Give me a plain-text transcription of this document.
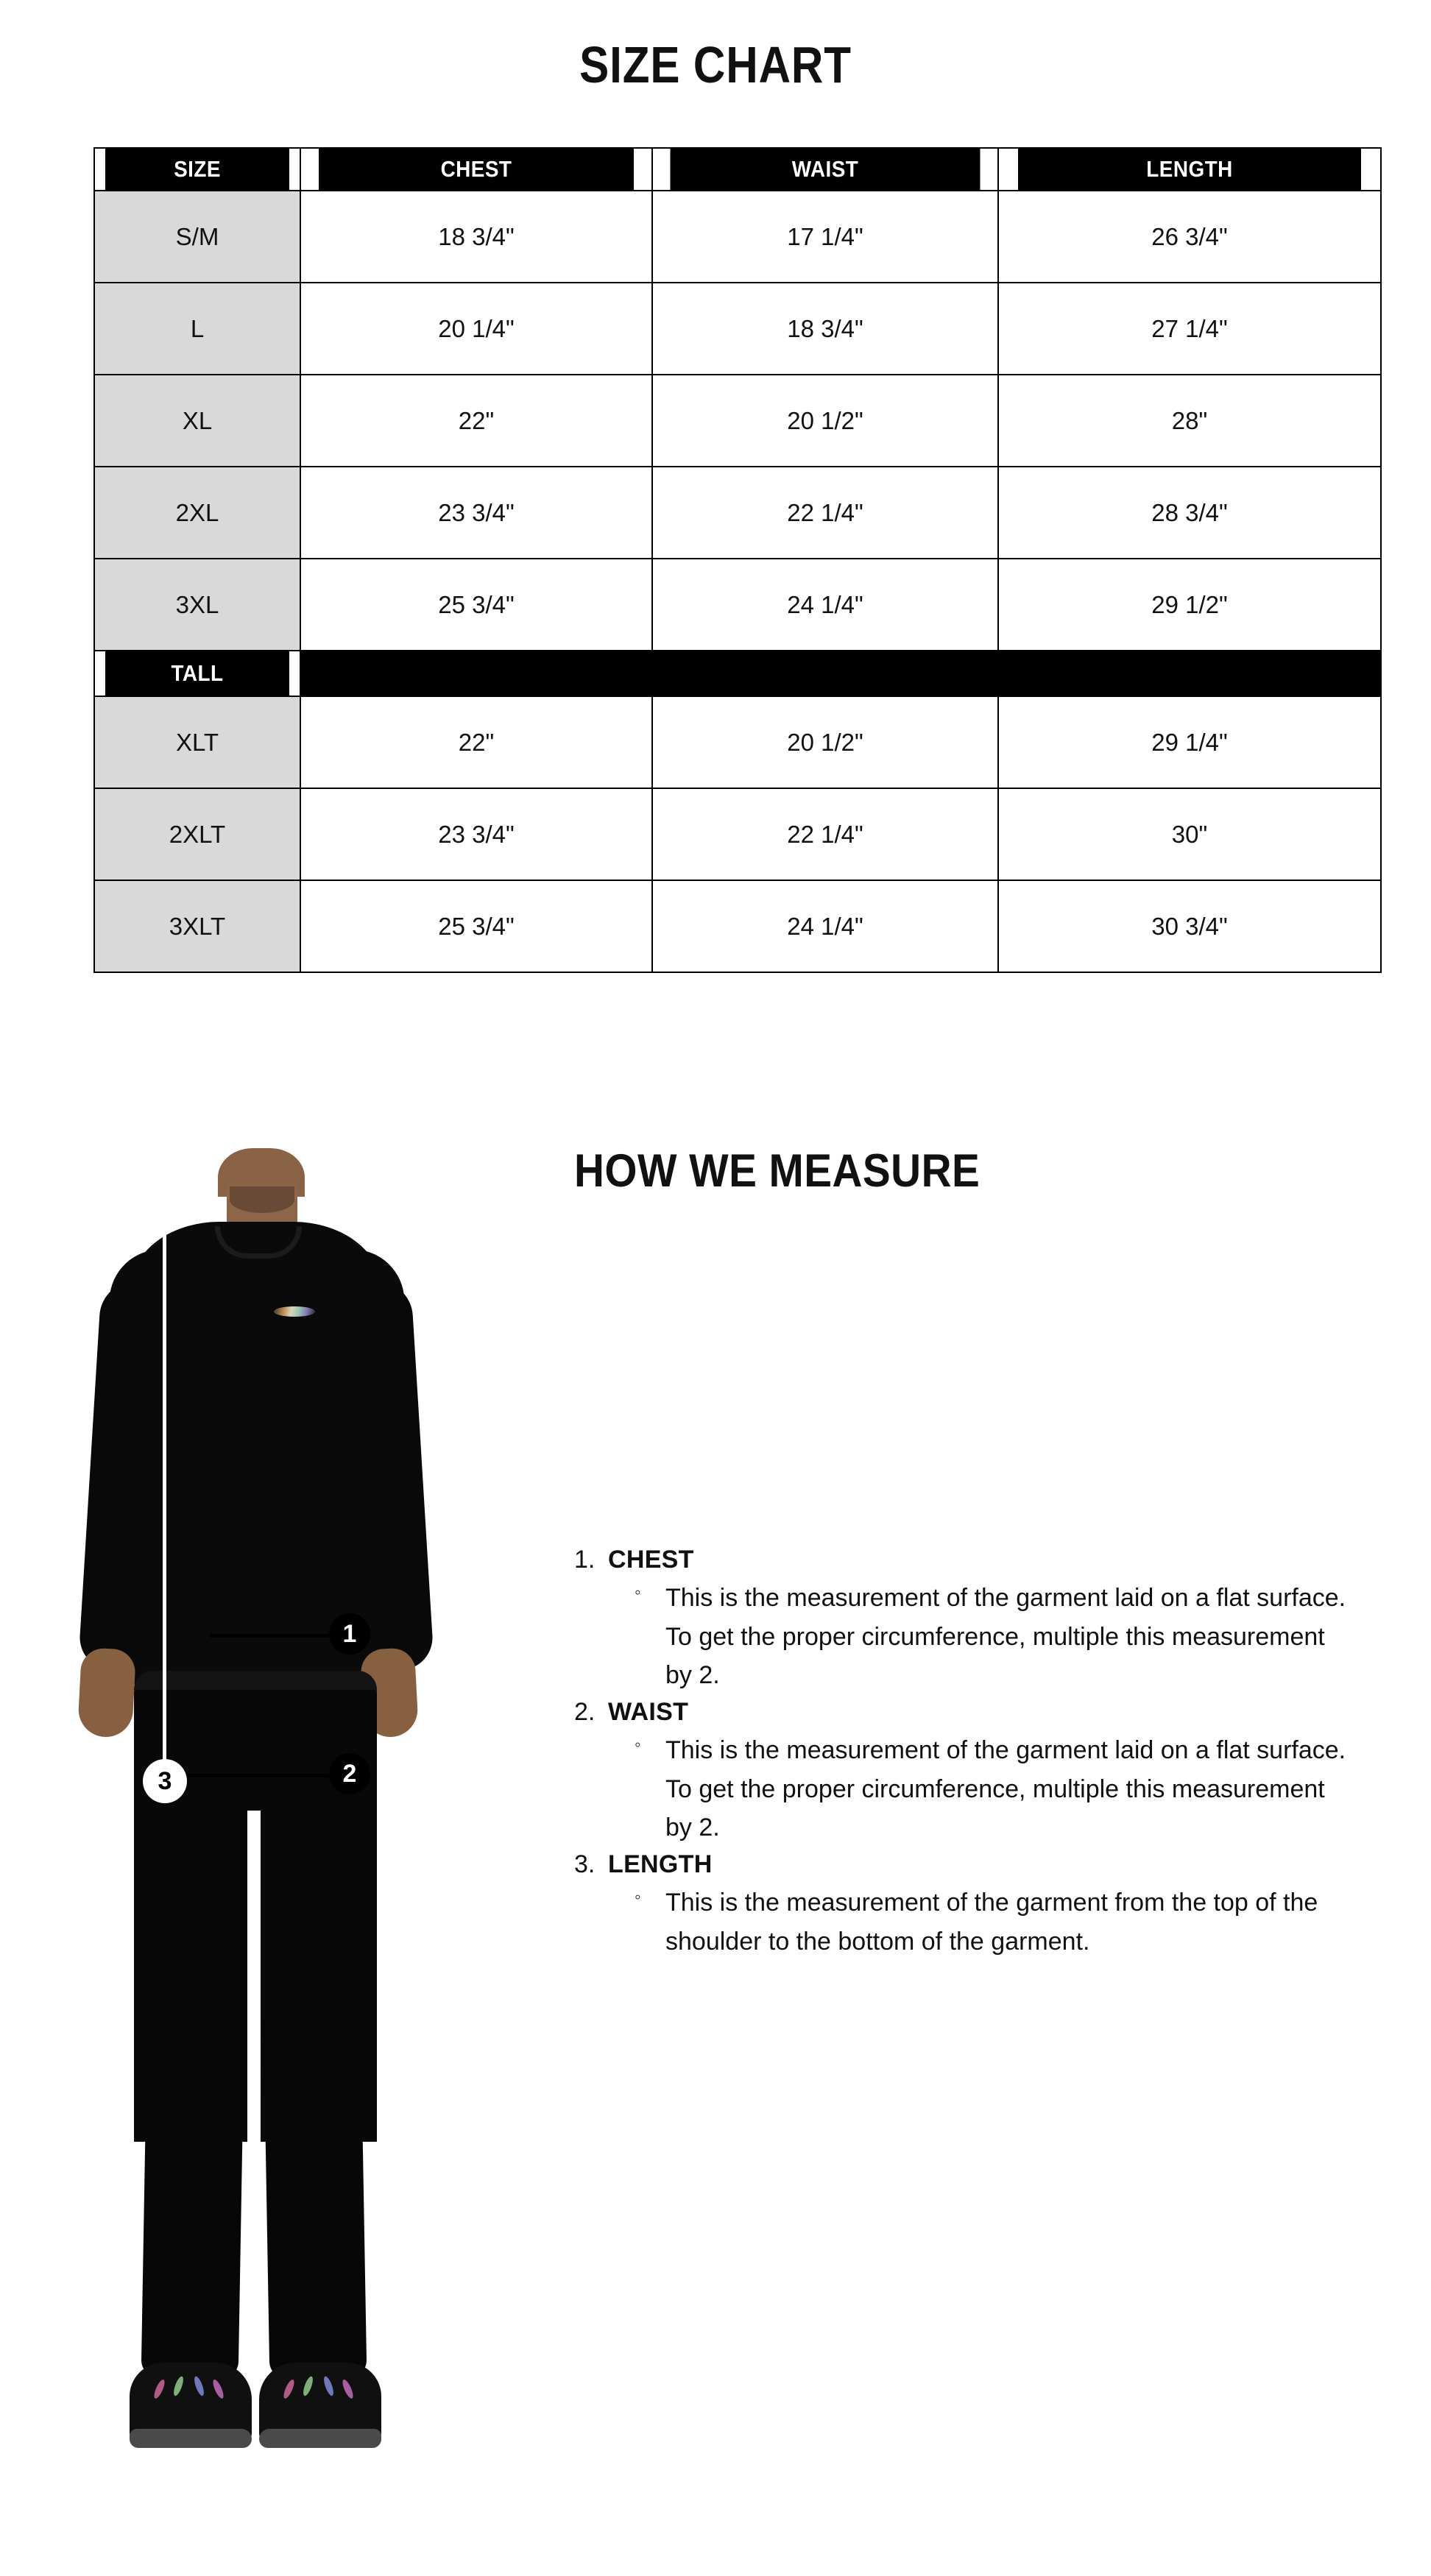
SIZE CHART
SIZE	CHEST	WAIST	LENGTH
S/M	18 3/4"	17 1/4"	26 3/4"
L	20 1/4"	18 3/4"	27 1/4"
XL	22"	20 1/2"	28"
2XL	23 3/4"	22 1/4"	28 3/4"
3XL	25 3/4"	24 1/4"	29 1/2"
TALL			
XLT	22"	20 1/2"	29 1/4"
2XLT	23 3/4"	22 1/4"	30"
3XLT	25 3/4"	24 1/4"	30 3/4"
HOW WE MEASURE
1
2
3
1. CHEST
◦ This is the measurement of the garment laid on a flat surface. To get the proper circumference, multiple this measurement by 2.
2. WAIST
◦ This is the measurement of the garment laid on a flat surface. To get the proper circumference, multiple this measurement by 2.
3. LENGTH
◦ This is the measurement of the garment from the top of the shoulder to the bottom of the garment.
